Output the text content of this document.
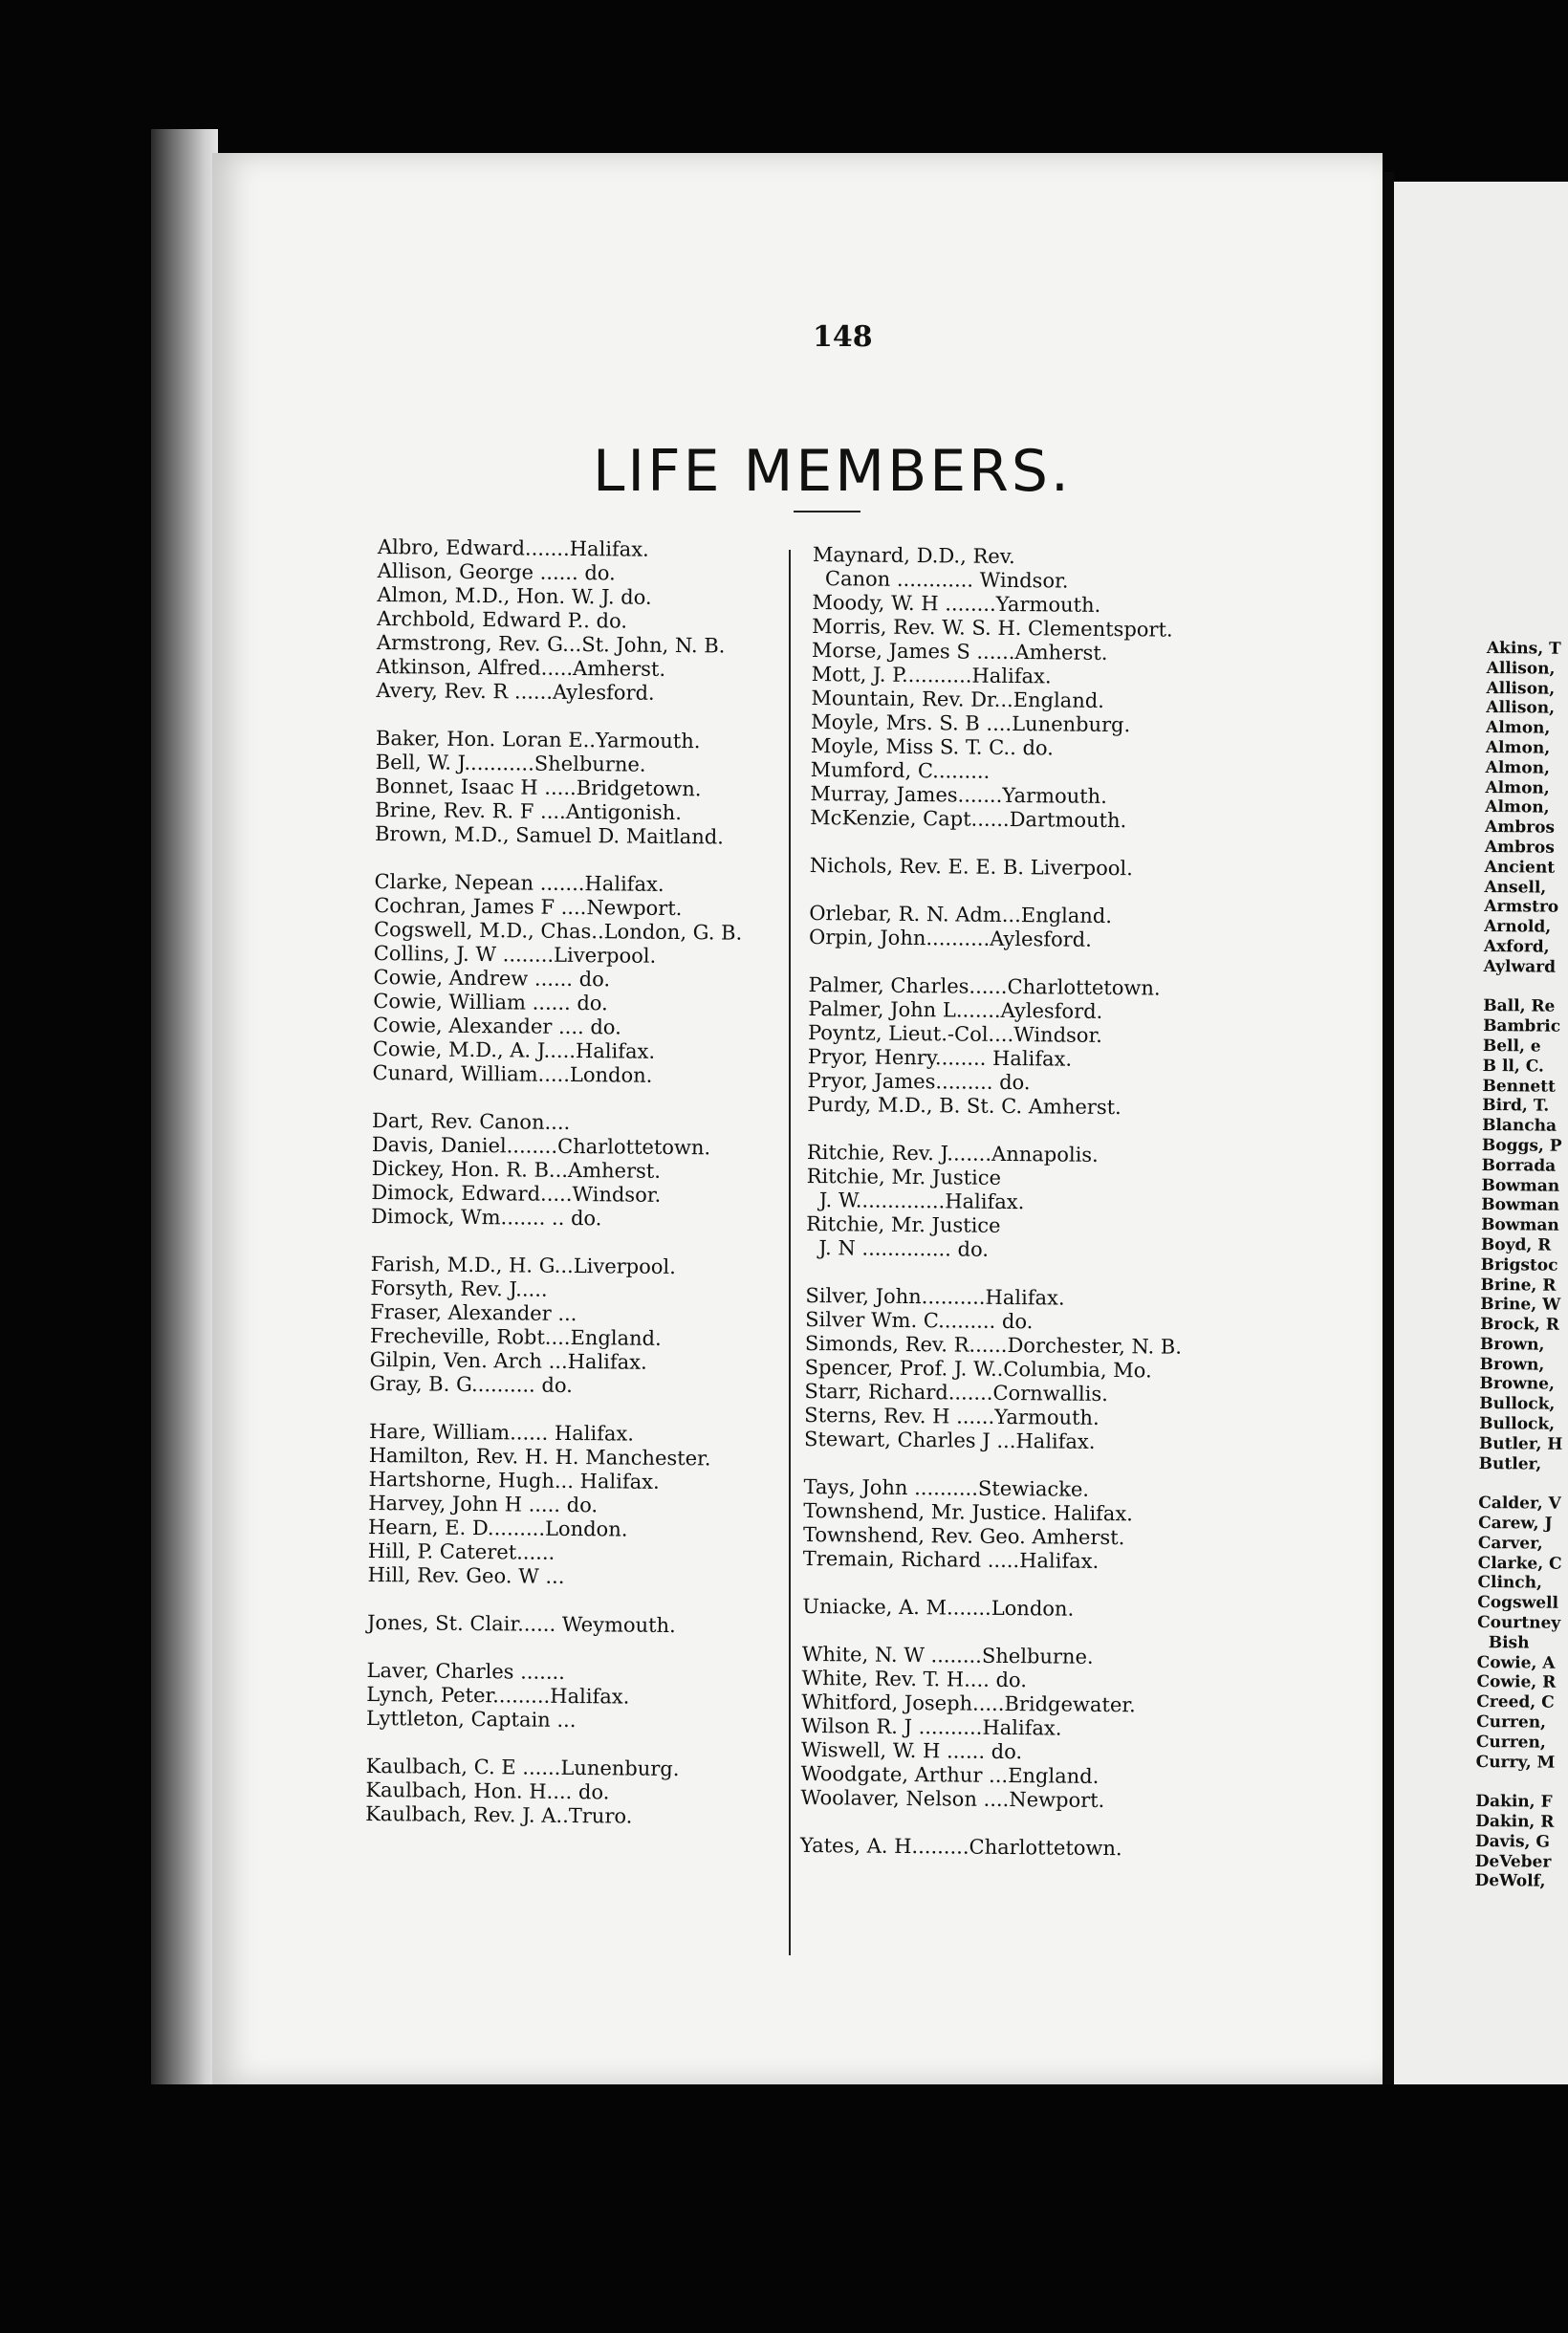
148
LIFE MEMBERS.
Albro, Edward.......Halifax.
Allison, George ...... do.
Almon, M.D., Hon. W. J. do.
Archbold, Edward P.. do.
Armstrong, Rev. G...St. John, N. B.
Atkinson, Alfred.....Amherst.
Avery, Rev. R ......Aylesford.
Baker, Hon. Loran E..Yarmouth.
Bell, W. J...........Shelburne.
Bonnet, Isaac H .....Bridgetown.
Brine, Rev. R. F ....Antigonish.
Brown, M.D., Samuel D. Maitland.
Clarke, Nepean .......Halifax.
Cochran, James F ....Newport.
Cogswell, M.D., Chas..London, G. B.
Collins, J. W ........Liverpool.
Cowie, Andrew ...... do.
Cowie, William ...... do.
Cowie, Alexander .... do.
Cowie, M.D., A. J.....Halifax.
Cunard, William.....London.
Dart, Rev. Canon....
Davis, Daniel........Charlottetown.
Dickey, Hon. R. B...Amherst.
Dimock, Edward.....Windsor.
Dimock, Wm....... .. do.
Farish, M.D., H. G...Liverpool.
Forsyth, Rev. J.....
Fraser, Alexander ...
Frecheville, Robt....England.
Gilpin, Ven. Arch ...Halifax.
Gray, B. G.......... do.
Hare, William...... Halifax.
Hamilton, Rev. H. H. Manchester.
Hartshorne, Hugh... Halifax.
Harvey, John H ..... do.
Hearn, E. D.........London.
Hill, P. Cateret......
Hill, Rev. Geo. W ...
Jones, St. Clair...... Weymouth.
Laver, Charles .......
Lynch, Peter.........Halifax.
Lyttleton, Captain ...
Kaulbach, C. E ......Lunenburg.
Kaulbach, Hon. H.... do.
Kaulbach, Rev. J. A..Truro.
Maynard, D.D., Rev.
Canon ............ Windsor.
Moody, W. H ........Yarmouth.
Morris, Rev. W. S. H. Clementsport.
Morse, James S ......Amherst.
Mott, J. P...........Halifax.
Mountain, Rev. Dr...England.
Moyle, Mrs. S. B ....Lunenburg.
Moyle, Miss S. T. C.. do.
Mumford, C.........
Murray, James.......Yarmouth.
McKenzie, Capt......Dartmouth.
Nichols, Rev. E. E. B. Liverpool.
Orlebar, R. N. Adm...England.
Orpin, John..........Aylesford.
Palmer, Charles......Charlottetown.
Palmer, John L.......Aylesford.
Poyntz, Lieut.-Col....Windsor.
Pryor, Henry........ Halifax.
Pryor, James......... do.
Purdy, M.D., B. St. C. Amherst.
Ritchie, Rev. J.......Annapolis.
Ritchie, Mr. Justice
J. W..............Halifax.
Ritchie, Mr. Justice
J. N .............. do.
Silver, John..........Halifax.
Silver Wm. C......... do.
Simonds, Rev. R......Dorchester, N. B.
Spencer, Prof. J. W..Columbia, Mo.
Starr, Richard.......Cornwallis.
Sterns, Rev. H ......Yarmouth.
Stewart, Charles J ...Halifax.
Tays, John ..........Stewiacke.
Townshend, Mr. Justice. Halifax.
Townshend, Rev. Geo. Amherst.
Tremain, Richard .....Halifax.
Uniacke, A. M.......London.
White, N. W ........Shelburne.
White, Rev. T. H.... do.
Whitford, Joseph.....Bridgewater.
Wilson R. J ..........Halifax.
Wiswell, W. H ...... do.
Woodgate, Arthur ...England.
Woolaver, Nelson ....Newport.
Yates, A. H.........Charlottetown.
Akins, T
Allison,
Allison,
Allison,
Almon,
Almon,
Almon,
Almon,
Almon,
Ambros
Ambros
Ancient
Ansell,
Armstro
Arnold,
Axford,
Aylward
Ball, Re
Bambric
Bell, e
B ll, C.
Bennett
Bird, T.
Blancha
Boggs, P
Borrada
Bowman
Bowman
Bowman
Boyd, R
Brigstoc
Brine, R
Brine, W
Brock, R
Brown,
Brown,
Browne,
Bullock,
Bullock,
Butler, H
Butler,
Calder, V
Carew, J
Carver,
Clarke, C
Clinch,
Cogswell
Courtney
Bish
Cowie, A
Cowie, R
Creed, C
Curren,
Curren,
Curry, M
Dakin, F
Dakin, R
Davis, G
DeVeber
DeWolf,
